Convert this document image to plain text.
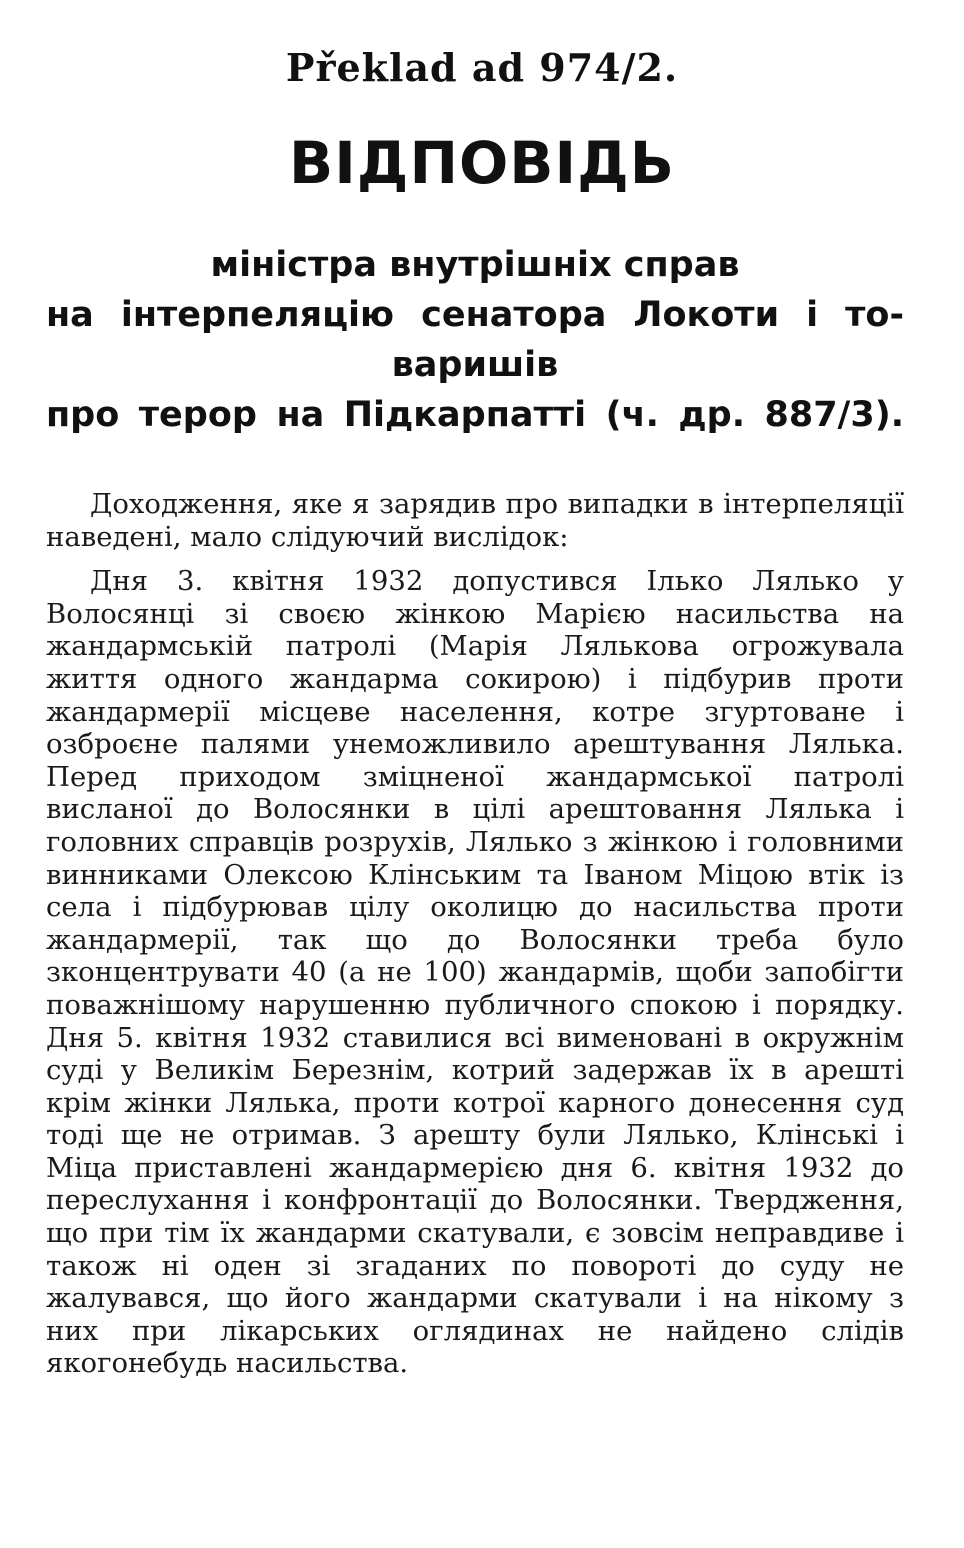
Překlad ad 974/2.
ВІДПОВІДЬ
міністра внутрішніх справ
на інтерпеляцію сенатора Локоти і то-
варишів
про терор на Підкарпатті (ч. др. 887/3).

Доходження, яке я зарядив про випадки в інтерпеляції наведені, мало слідуючий вислідок:

Дня 3. квітня 1932 допустився Ілько Лялько у Волосянці зі своєю жінкою Марією насильства на жандармській патролі (Марія Лялькова огрожувала життя одного жандарма сокирою) і підбурив проти жандармерії місцеве населення, котре згуртоване і озброєне палями унеможливило арештування Лялька. Перед приходом зміцненої жандармської патролі висланої до Волосянки в цілі арештовання Лялька і головних справців розрухів, Лялько з жінкою і головними винниками Олексою Клінським та Іваном Міцою втік із села і підбурював цілу околицю до насильства проти жандармерії, так що до Волосянки треба було зконцентрувати 40 (а не 100) жандармів, щоби запобігти поважнішому нарушенню публичного спокою і порядку. Дня 5. квітня 1932 ставилися всі вименовані в окружнім суді у Великім Березнім, котрий задержав їх в арешті крім жінки Лялька, проти котрої карного донесення суд тоді ще не отримав. З арешту були Лялько, Клінські і Міца приставлені жандармерією дня 6. квітня 1932 до переслухання і конфронтації до Волосянки. Твердження, що при тім їх жандарми скатували, є зовсім неправдиве і також ні оден зі згаданих по повороті до суду не жалувався, що його жандарми скатували і на нікому з них при лікарських оглядинах не найдено слідів якогонебудь насильства.
